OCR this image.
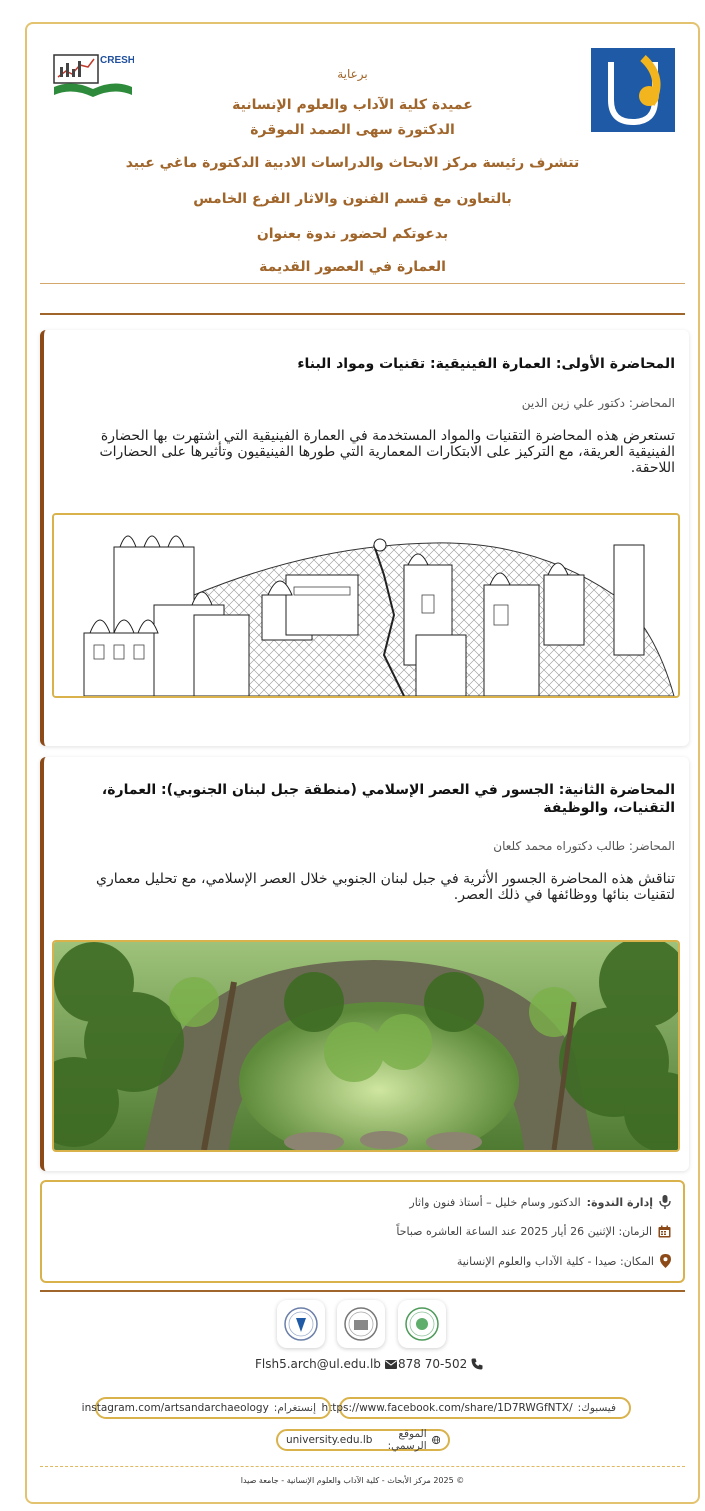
CRESH
برعاية
عميدة كلية الآداب والعلوم الإنسانية
الدكتورة سهى الصمد الموقرة
تتشرف رئيسة مركز الابحاث والدراسات الادبية الدكتورة ماغي عبيد
بالتعاون مع قسم الفنون والاثار الفرع الخامس
بدعوتكم لحضور ندوة بعنوان
العمارة في العصور القديمة
المحاضرة الأولى: العمارة الفينيقية: تقنيات ومواد البناء
المحاضر: دكتور علي زين الدين
تستعرض هذه المحاضرة التقنيات والمواد المستخدمة في العمارة الفينيقية التي اشتهرت بها الحضارة الفينيقية العريقة، مع التركيز على الابتكارات المعمارية التي طورها الفينيقيون وتأثيرها على الحضارات اللاحقة.
المحاضرة الثانية: الجسور في العصر الإسلامي (منطقة جبل لبنان الجنوبي): العمارة، التقنيات، والوظيفة
المحاضر: طالب دكتوراه محمد كلعان
تناقش هذه المحاضرة الجسور الأثرية في جبل لبنان الجنوبي خلال العصر الإسلامي، مع تحليل معماري لتقنيات بنائها ووظائفها في ذلك العصر.
إدارة الندوة:
الدكتور وسام خليل – أستاذ فنون واثار
الزمان: الإثنين 26 أيار 2025 عند الساعة العاشره صباحاً
المكان: صيدا - كلية الآداب والعلوم الإنسانية
Flsh5.arch@ul.edu.lb 878 70-502
فيسبوك:
https://www.facebook.com/share/1D7RWGfNTX/
إنستغرام:
instagram.com/artsandarchaeology
الموقع الرسمي:
university.edu.lb
© 2025 مركز الأبحاث - كلية الآداب والعلوم الإنسانية - جامعة صيدا
